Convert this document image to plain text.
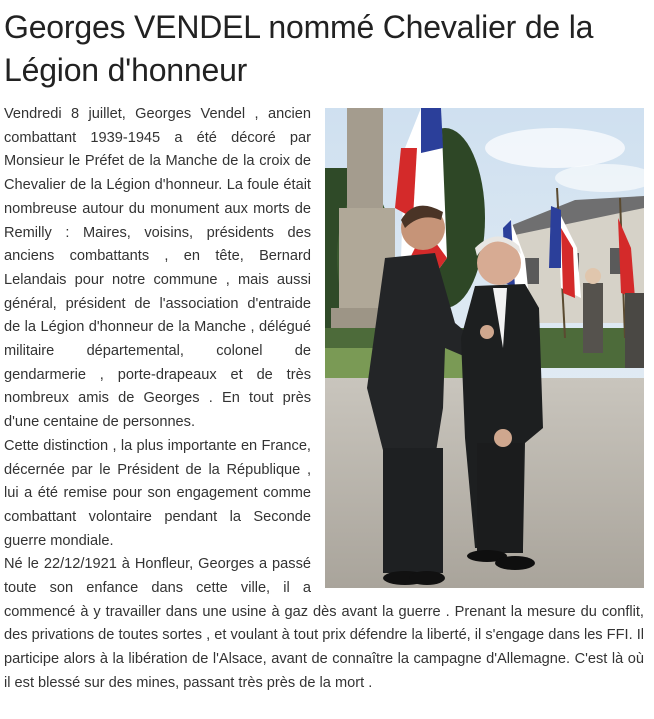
Georges VENDEL nommé Chevalier de la Légion d'honneur

Vendredi 8 juillet, Georges Vendel , ancien combattant 1939-1945 a été décoré par Monsieur le Préfet de la Manche de la croix de Chevalier de la Légion d'honneur. La foule était nombreuse autour du monument aux morts de Remilly : Maires, voisins, présidents des anciens combattants , en tête, Bernard Lelandais pour notre commune , mais aussi général, président de l'association d'entraide de la Légion d'honneur de la Manche , délégué militaire départemental, colonel de gendarmerie , porte-drapeaux et de très nombreux amis de Georges . En tout près d'une centaine de personnes.

Cette distinction , la plus importante en France, décernée par le Président de la République , lui a été remise pour son engagement comme combattant volontaire pendant la Seconde guerre mondiale.

Né le 22/12/1921 à Honfleur, Georges a passé toute son enfance dans cette ville, il a commencé à y travailler dans une usine à gaz dès avant la guerre . Prenant la mesure du conflit, des privations de toutes sortes , et voulant à tout prix défendre la liberté, il s'engage dans les FFI. Il participe alors à la libération de l'Alsace, avant de connaître la campagne d'Allemagne. C'est là où il est blessé sur des mines, passant très près de la mort .
